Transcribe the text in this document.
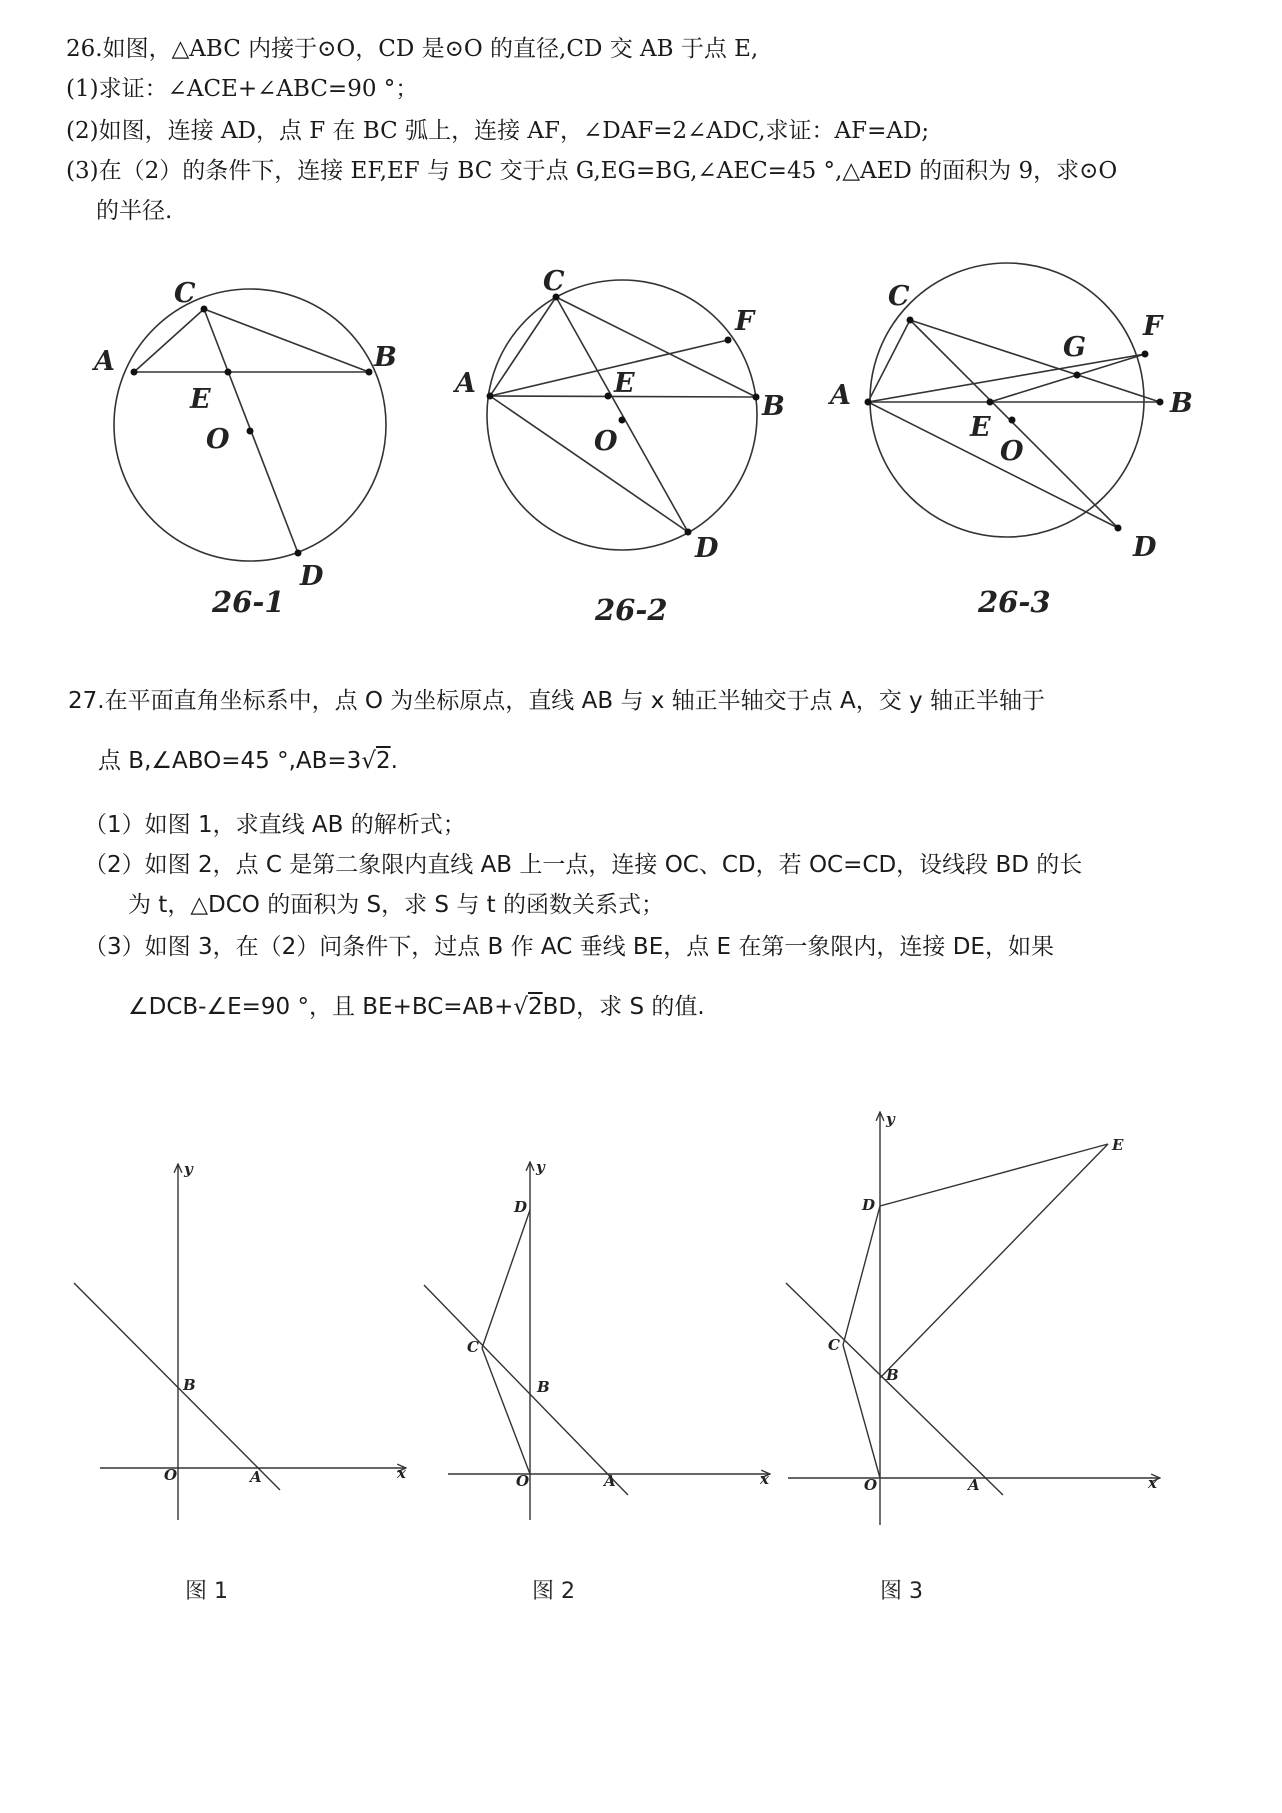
26.如图，△ABC 内接于⊙O，CD 是⊙O 的直径,CD 交 AB 于点 E,
(1)求证：∠ACE+∠ABC=90 °；
(2)如图，连接 AD，点 F 在 BC 弧上，连接 AF，∠DAF=2∠ADC,求证：AF=AD;
(3)在（2）的条件下，连接 EF,EF 与 BC 交于点 G,EG=BG,∠AEC=45 °,△AED 的面积为 9，求⊙O
的半径.
C
A	B
E
O
D
26-1
C
A
B
F
E
O
D
26-2
C
A	B
F
G
E
O
D
26-3
27.在平面直角坐标系中，点 O 为坐标原点，直线 AB 与 x 轴正半轴交于点 A，交 y 轴正半轴于
点 B,∠ABO=45 °,AB=3√2.
（1）如图 1，求直线 AB 的解析式；
（2）如图 2，点 C 是第二象限内直线 AB 上一点，连接 OC、CD，若 OC=CD，设线段 BD 的长
为 t，△DCO 的面积为 S，求 S 与 t 的函数关系式；
（3）如图 3，在（2）问条件下，过点 B 作 AC 垂线 BE，点 E 在第一象限内，连接 DE，如果
∠DCB-∠E=90 °，且 BE+BC=AB+√2BD，求 S 的值.
x
y
O	A
B
图 1
x
y
O	A
B
C
D
图 2
x
y
O	A
B
C
D
E
图 3
